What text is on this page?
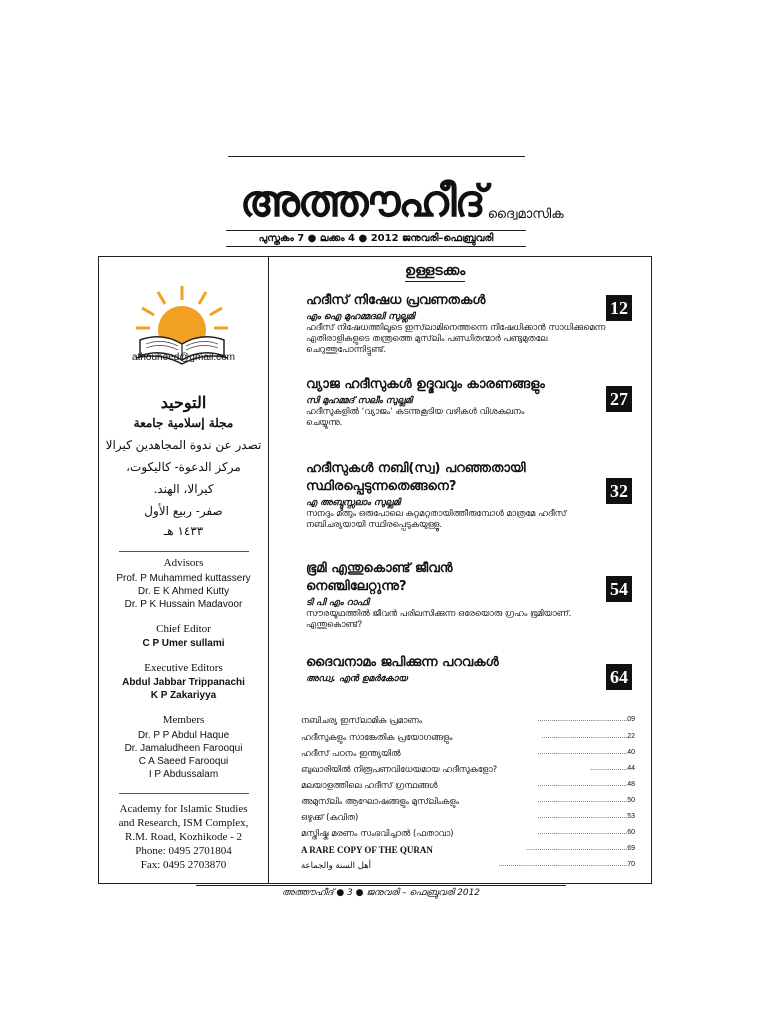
അത്തൗഹീദ് ദ്വൈമാസിക
പുസ്തകം 7 ● ലക്കം 4 ● 2012 ജനുവരി–ഫെബ്രുവരി
athouheed@gmail.com
التوحيد
مجلة إسلامية جامعة
تصدر عن ندوة المجاهدين كيرالا
مركز الدعوة- كاليكوت،
كيرالا، الهند.
صفر- ربيع الأول
١٤٣٣ هـ
Advisors
Prof. P Muhammed kuttassery
Dr. E K Ahmed Kutty
Dr. P K Hussain Madavoor
Chief Editor
C P Umer sullami
Executive Editors
Abdul Jabbar Trippanachi
K P Zakariyya
Members
Dr. P P Abdul Haque
Dr. Jamaludheen Farooqui
C A Saeed Farooqui
I P Abdussalam
Academy for Islamic Studies
and Research, ISM Complex,
R.M. Road, Kozhikode - 2
Phone: 0495 2701804
Fax: 0495 2703870
ഉള്ളടക്കം
ഹദീസ് നിഷേധ പ്രവണതകൾ
എം ഐ മുഹമ്മദലി സുല്ലമി
ഹദീസ് നിഷേധത്തിലൂടെ ഇസ്‌ലാമിനെത്തന്നെ നിഷേധിക്കാൻ സാധിക്കുമെന്ന എതിരാളികളുടെ തന്ത്രത്തെ മുസ്‌ലിം പണ്ഡിതന്മാർ പണ്ടുമുതലേ ചെറുത്തുപോന്നിട്ടുണ്ട്.
12
വ്യാജ ഹദീസുകൾ ഉദ്ഭവവും കാരണങ്ങളും
സി മുഹമ്മദ് സലീം സുല്ലമി
ഹദീസുകളിൽ ‘വ്യാജം’ കടന്നുകൂടിയ വഴികൾ വിശകലനം ചെയ്യുന്നു.
27
ഹദീസുകൾ നബി(സ്വ) പറഞ്ഞതായി സ്ഥിരപ്പെടുന്നതെങ്ങനെ?
എ അബ്ദുസ്സലാം സുല്ലമി
സനദും മത്നും ഒരുപോലെ കുറ്റമറ്റതായിത്തീരുമ്പോൾ മാത്രമേ ഹദീസ് നബിചര്യയായി സ്ഥിരപ്പെടുകയുള്ളൂ.
32
ഭൂമി എന്തുകൊണ്ട് ജീവൻ നെഞ്ചിലേറ്റുന്നു?
ടി പി എം റാഫി
സൗരയൂഥത്തിൽ ജീവൻ പരിലസിക്കുന്ന ഒരേയൊരു ഗ്രഹം ഭൂമിയാണ്. എന്തുകൊണ്ട്?
54
ദൈവനാമം ജപിക്കുന്ന പറവകൾ
അഡ്വ. എൻ ഉമർകോയ	64
നബിചര്യ ഇസ്‌ലാമിക പ്രമാണം	..............................................09
ഹദീസുകളും സാങ്കേതിക പ്രയോഗങ്ങളും	............................................22
ഹദീസ് പഠനം ഇന്ത്യയിൽ	..............................................40
ബുഖാരിയിൽ നിരൂപണവിധേയമായ ഹദീസുകളോ?	...................44
മലയാളത്തിലെ ഹദീസ് ഗ്രന്ഥങ്ങൾ	..............................................48
അമുസ്‌ലിം ആഘോഷങ്ങളും മുസ്‌ലിംകളും	..............................................50
ഒഴുക്ക് (കവിത)	..............................................53
മസ്തിഷ്ക മരണം സംഭവിച്ചാൽ (ഫതാവാ)	..............................................60
A RARE COPY OF THE QURAN	....................................................69
أهل السنة والجماعة	..................................................................70
അത്തൗഹീദ് ● 3 ● ജനുവരി – ഫെബ്രുവരി 2012
